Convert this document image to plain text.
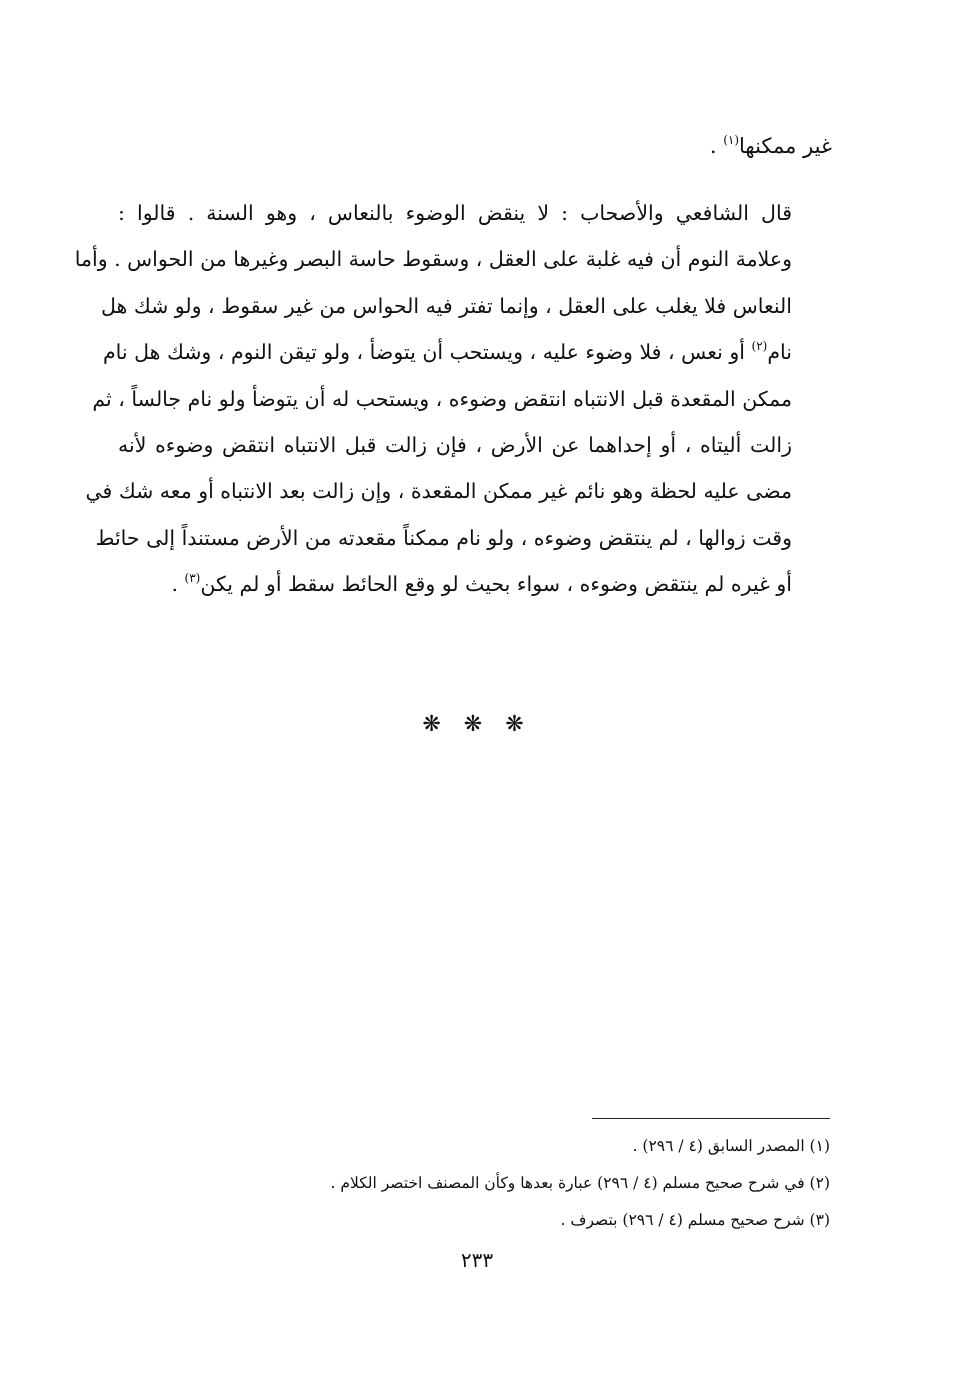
غير ممكنها$^{(١)}$ .
قال الشافعي والأصحاب : لا ينقض الوضوء بالنعاس ، وهو السنة . قالوا :
وعلامة النوم أن فيه غلبة على العقل ، وسقوط حاسة البصر وغيرها من الحواس . وأما
النعاس فلا يغلب على العقل ، وإنما تفتر فيه الحواس من غير سقوط ، ولو شك هل
نام$^{(٢)}$ أو نعس ، فلا وضوء عليه ، ويستحب أن يتوضأ ، ولو تيقن النوم ، وشك هل نام
ممكن المقعدة قبل الانتباه انتقض وضوءه ، ويستحب له أن يتوضأ ولو نام جالساً ، ثم
زالت أليتاه ، أو إحداهما عن الأرض ، فإن زالت قبل الانتباه انتقض وضوءه لأنه
مضى عليه لحظة وهو نائم غير ممكن المقعدة ، وإن زالت بعد الانتباه أو معه شك في
وقت زوالها ، لم ينتقض وضوءه ، ولو نام ممكناً مقعدته من الأرض مستنداً إلى حائط
أو غيره لم ينتقض وضوءه ، سواء بحيث لو وقع الحائط سقط أو لم يكن$^{(٣)}$ .
❋ ❋ ❋
(١) المصدر السابق (٤ / ٢٩٦) .
(٢) في شرح صحيح مسلم (٤ / ٢٩٦) عبارة بعدها وكأن المصنف اختصر الكلام .
(٣) شرح صحيح مسلم (٤ / ٢٩٦) بتصرف .
٢٣٣
